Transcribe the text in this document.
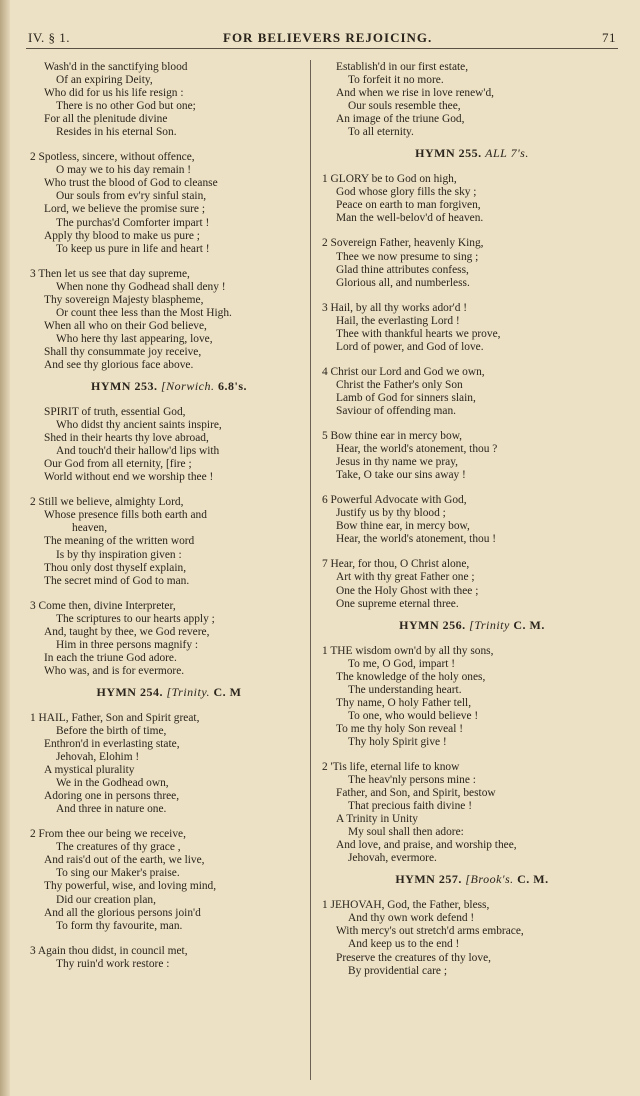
IV. § 1.	FOR BELIEVERS REJOICING.	71
Wash'd in the sanctifying blood
Of an expiring Deity,
Who did for us his life resign :
There is no other God but one;
For all the plenitude divine
Resides in his eternal Son.
2 Spotless, sincere, without offence,
O may we to his day remain !
Who trust the blood of God to cleanse
Our souls from ev'ry sinful stain,
Lord, we believe the promise sure ;
The purchas'd Comforter impart !
Apply thy blood to make us pure ;
To keep us pure in life and heart !
3 Then let us see that day supreme,
When none thy Godhead shall deny !
Thy sovereign Majesty blaspheme,
Or count thee less than the Most High.
When all who on their God believe,
Who here thy last appearing, love,
Shall thy consummate joy receive,
And see thy glorious face above.
HYMN 253. [Norwich. 6.8's.
SPIRIT of truth, essential God,
Who didst thy ancient saints inspire,
Shed in their hearts thy love abroad,
And touch'd their hallow'd lips with
Our God from all eternity, [fire ;
World without end we worship thee !
2 Still we believe, almighty Lord,
Whose presence fills both earth and
heaven,
The meaning of the written word
Is by thy inspiration given :
Thou only dost thyself explain,
The secret mind of God to man.
3 Come then, divine Interpreter,
The scriptures to our hearts apply ;
And, taught by thee, we God revere,
Him in three persons magnify :
In each the triune God adore.
Who was, and is for evermore.
HYMN 254. [Trinity. C. M
1 HAIL, Father, Son and Spirit great,
Before the birth of time,
Enthron'd in everlasting state,
Jehovah, Elohim !
A mystical plurality
We in the Godhead own,
Adoring one in persons three,
And three in nature one.
2 From thee our being we receive,
The creatures of thy grace ,
And rais'd out of the earth, we live,
To sing our Maker's praise.
Thy powerful, wise, and loving mind,
Did our creation plan,
And all the glorious persons join'd
To form thy favourite, man.
3 Again thou didst, in council met,
Thy ruin'd work restore :
Establish'd in our first estate,
To forfeit it no more.
And when we rise in love renew'd,
Our souls resemble thee,
An image of the triune God,
To all eternity.
HYMN 255. ALL 7's.
1 GLORY be to God on high,
God whose glory fills the sky ;
Peace on earth to man forgiven,
Man the well-belov'd of heaven.
2 Sovereign Father, heavenly King,
Thee we now presume to sing ;
Glad thine attributes confess,
Glorious all, and numberless.
3 Hail, by all thy works ador'd !
Hail, the everlasting Lord !
Thee with thankful hearts we prove,
Lord of power, and God of love.
4 Christ our Lord and God we own,
Christ the Father's only Son
Lamb of God for sinners slain,
Saviour of offending man.
5 Bow thine ear in mercy bow,
Hear, the world's atonement, thou ?
Jesus in thy name we pray,
Take, O take our sins away !
6 Powerful Advocate with God,
Justify us by thy blood ;
Bow thine ear, in mercy bow,
Hear, the world's atonement, thou !
7 Hear, for thou, O Christ alone,
Art with thy great Father one ;
One the Holy Ghost with thee ;
One supreme eternal three.
HYMN 256. [Trinity C. M.
1 THE wisdom own'd by all thy sons,
To me, O God, impart !
The knowledge of the holy ones,
The understanding heart.
Thy name, O holy Father tell,
To one, who would believe !
To me thy holy Son reveal !
Thy holy Spirit give !
2 'Tis life, eternal life to know
The heav'nly persons mine :
Father, and Son, and Spirit, bestow
That precious faith divine !
A Trinity in Unity
My soul shall then adore:
And love, and praise, and worship thee,
Jehovah, evermore.
HYMN 257. [Brook's. C. M.
1 JEHOVAH, God, the Father, bless,
And thy own work defend !
With mercy's out stretch'd arms embrace,
And keep us to the end !
Preserve the creatures of thy love,
By providential care ;
